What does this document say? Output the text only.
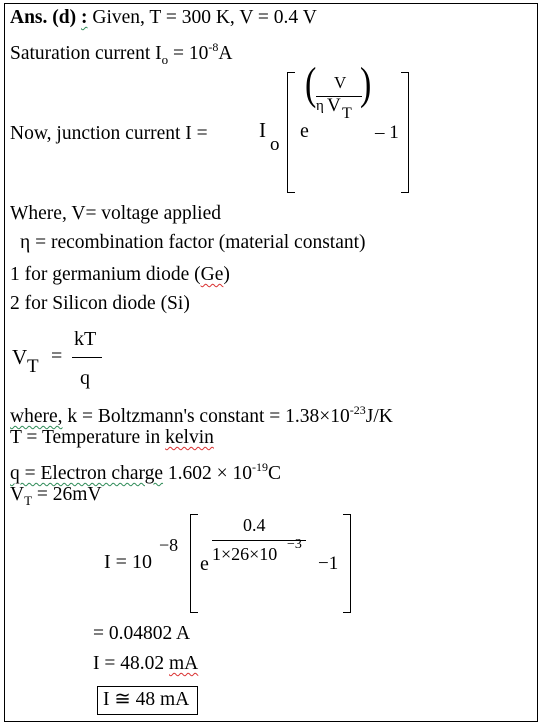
Ans. (d) : Given, T = 300 K, V = 0.4 V
Saturation current $I_o = 10^{-8}A$
Now, junction current I = I
o
e
( V
η V T
)
– 1
Where, V= voltage applied
η = recombination factor (material constant)
1 for germanium diode (Ge)
2 for Silicon diode (Si)
V T =
kT
q
where, k = Boltzmann's constant = $1.38\times 10^{-23}J/K$
T = Temperature in kelvin
q = Electron charge $1.602 \times 10^{-19}C$
$V_T = 26mV$
I = 10
−8
e
0.4
1×26×10 −3
−1
= 0.04802 A
I = 48.02 mA
I ≅ 48 mA
